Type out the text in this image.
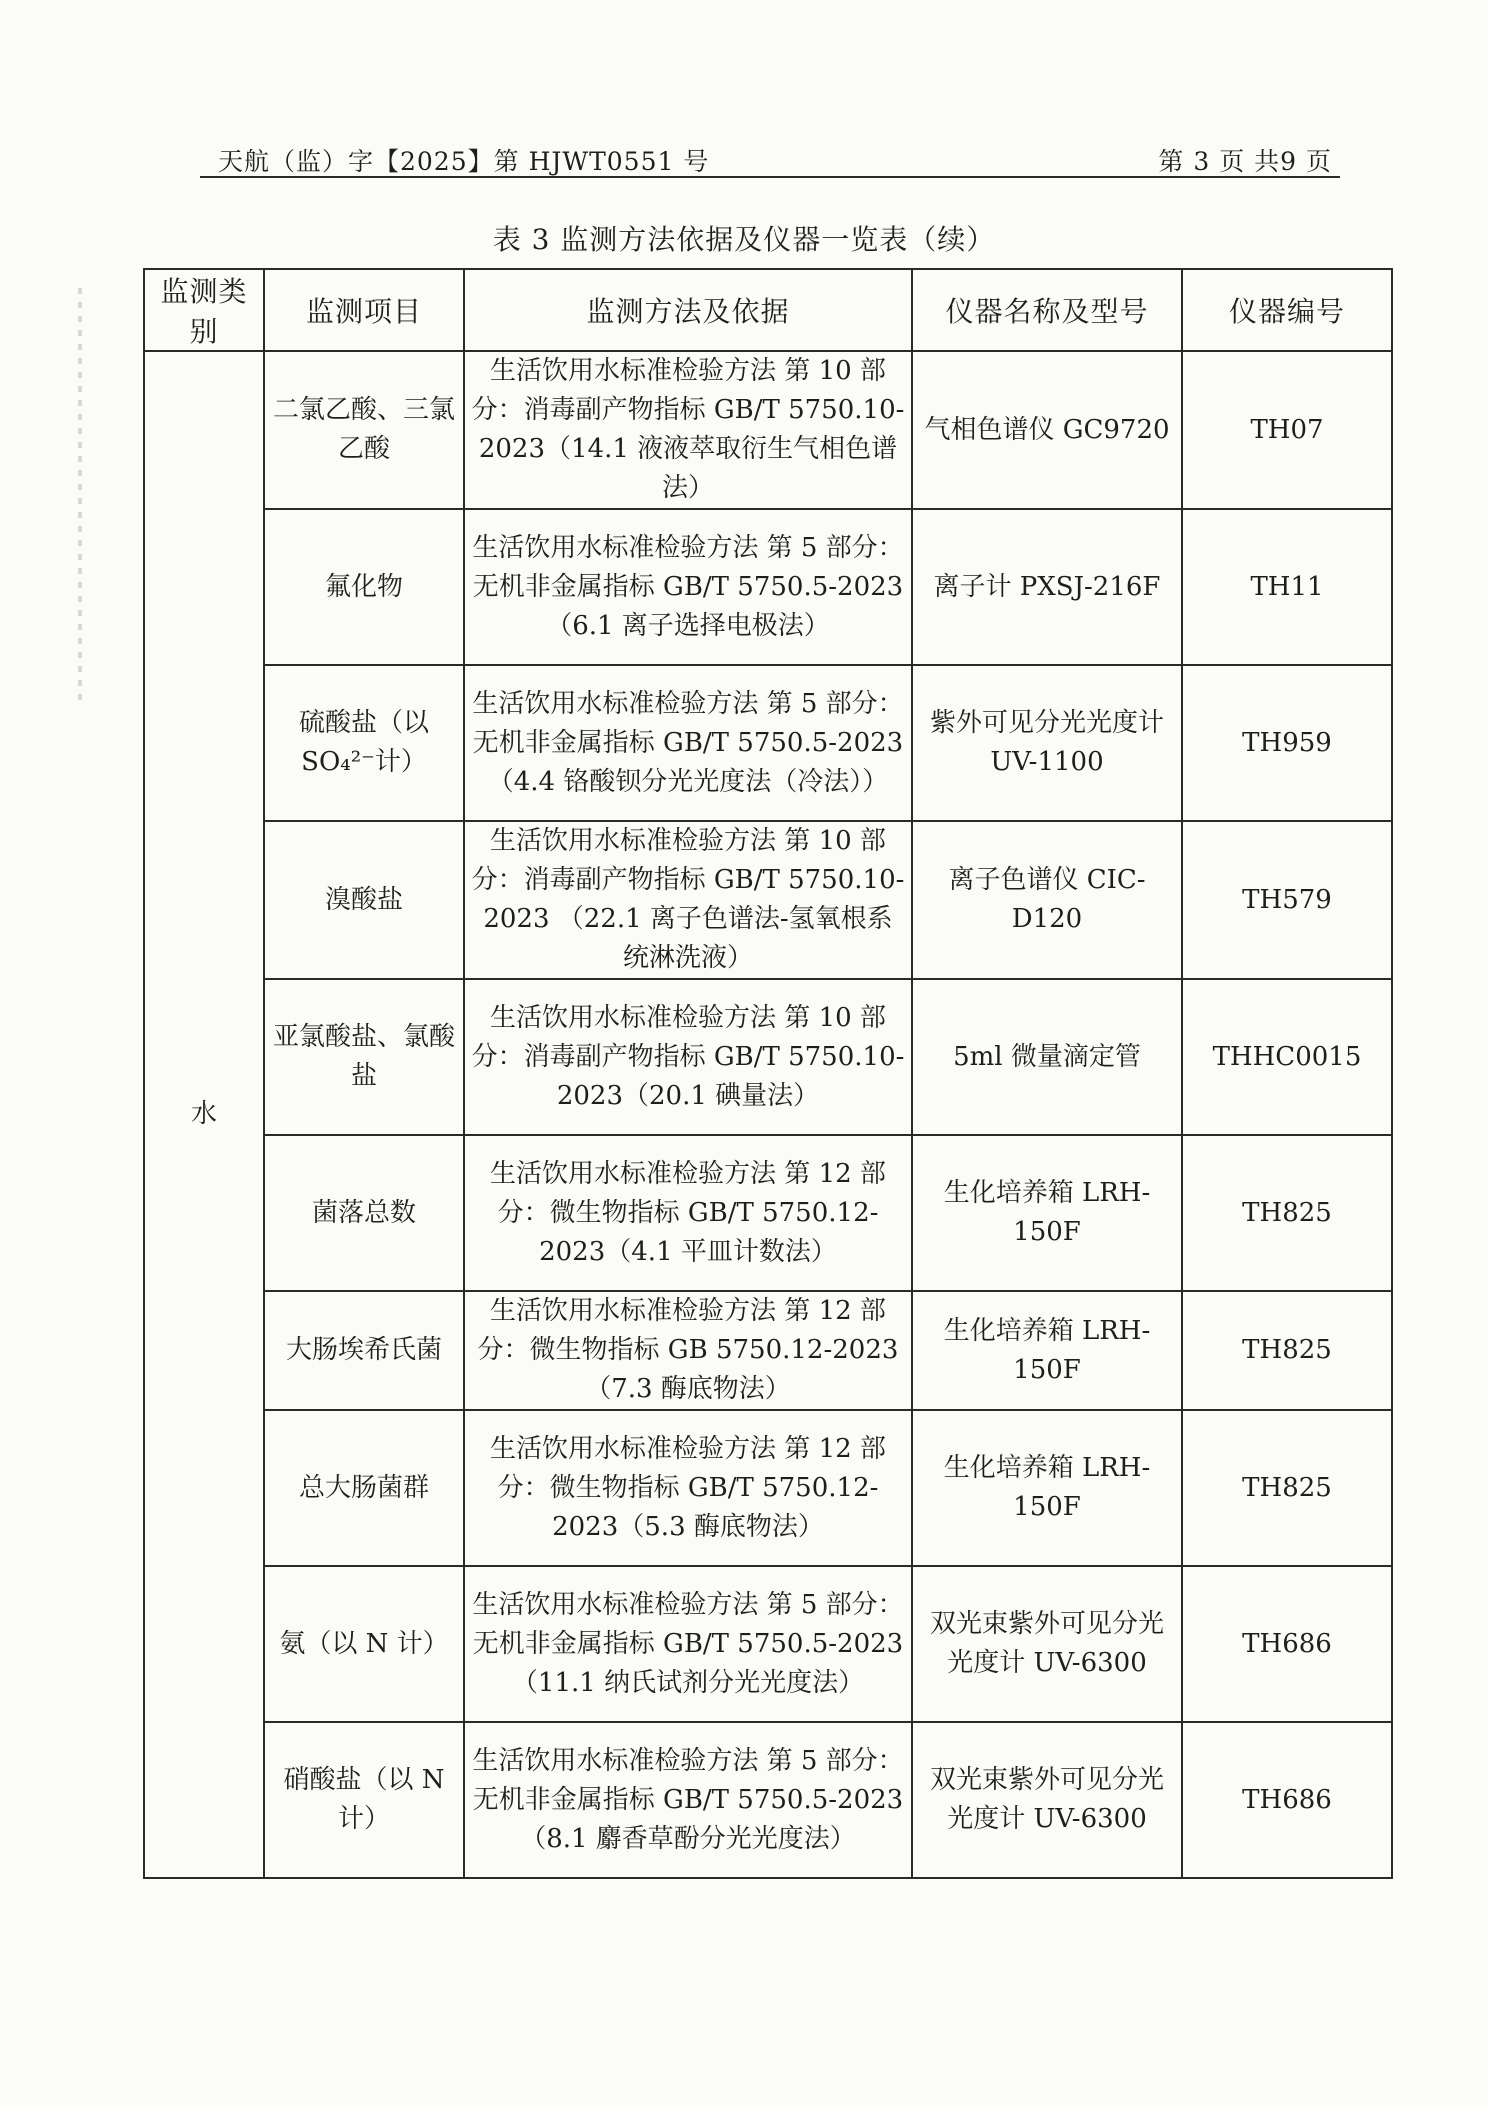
天航（监）字【2025】第 HJWT0551 号	第 3 页 共9 页
表 3 监测方法依据及仪器一览表（续）
监测类别	监测项目	监测方法及依据	仪器名称及型号	仪器编号
水	二氯乙酸、三氯乙酸	生活饮用水标准检验方法 第 10 部分：消毒副产物指标 GB/T 5750.10-2023（14.1 液液萃取衍生气相色谱法）	气相色谱仪 GC9720	TH07
	氟化物	生活饮用水标准检验方法 第 5 部分：无机非金属指标 GB/T 5750.5-2023（6.1 离子选择电极法）	离子计 PXSJ-216F	TH11
	硫酸盐（以 SO₄²⁻计）	生活饮用水标准检验方法 第 5 部分：无机非金属指标 GB/T 5750.5-2023（4.4 铬酸钡分光光度法（冷法））	紫外可见分光光度计 UV-1100	TH959
	溴酸盐	生活饮用水标准检验方法 第 10 部分：消毒副产物指标 GB/T 5750.10-2023 （22.1 离子色谱法-氢氧根系统淋洗液）	离子色谱仪 CIC-D120	TH579
	亚氯酸盐、氯酸盐	生活饮用水标准检验方法 第 10 部分：消毒副产物指标 GB/T 5750.10-2023（20.1 碘量法）	5ml 微量滴定管	THHC0015
	菌落总数	生活饮用水标准检验方法 第 12 部分：微生物指标 GB/T 5750.12-2023（4.1 平皿计数法）	生化培养箱 LRH-150F	TH825
	大肠埃希氏菌	生活饮用水标准检验方法 第 12 部分：微生物指标 GB 5750.12-2023（7.3 酶底物法）	生化培养箱 LRH-150F	TH825
	总大肠菌群	生活饮用水标准检验方法 第 12 部分：微生物指标 GB/T 5750.12-2023（5.3 酶底物法）	生化培养箱 LRH-150F	TH825
	氨（以 N 计）	生活饮用水标准检验方法 第 5 部分：无机非金属指标 GB/T 5750.5-2023（11.1 纳氏试剂分光光度法）	双光束紫外可见分光光度计 UV-6300	TH686
	硝酸盐（以 N 计）	生活饮用水标准检验方法 第 5 部分：无机非金属指标 GB/T 5750.5-2023（8.1 麝香草酚分光光度法）	双光束紫外可见分光光度计 UV-6300	TH686
